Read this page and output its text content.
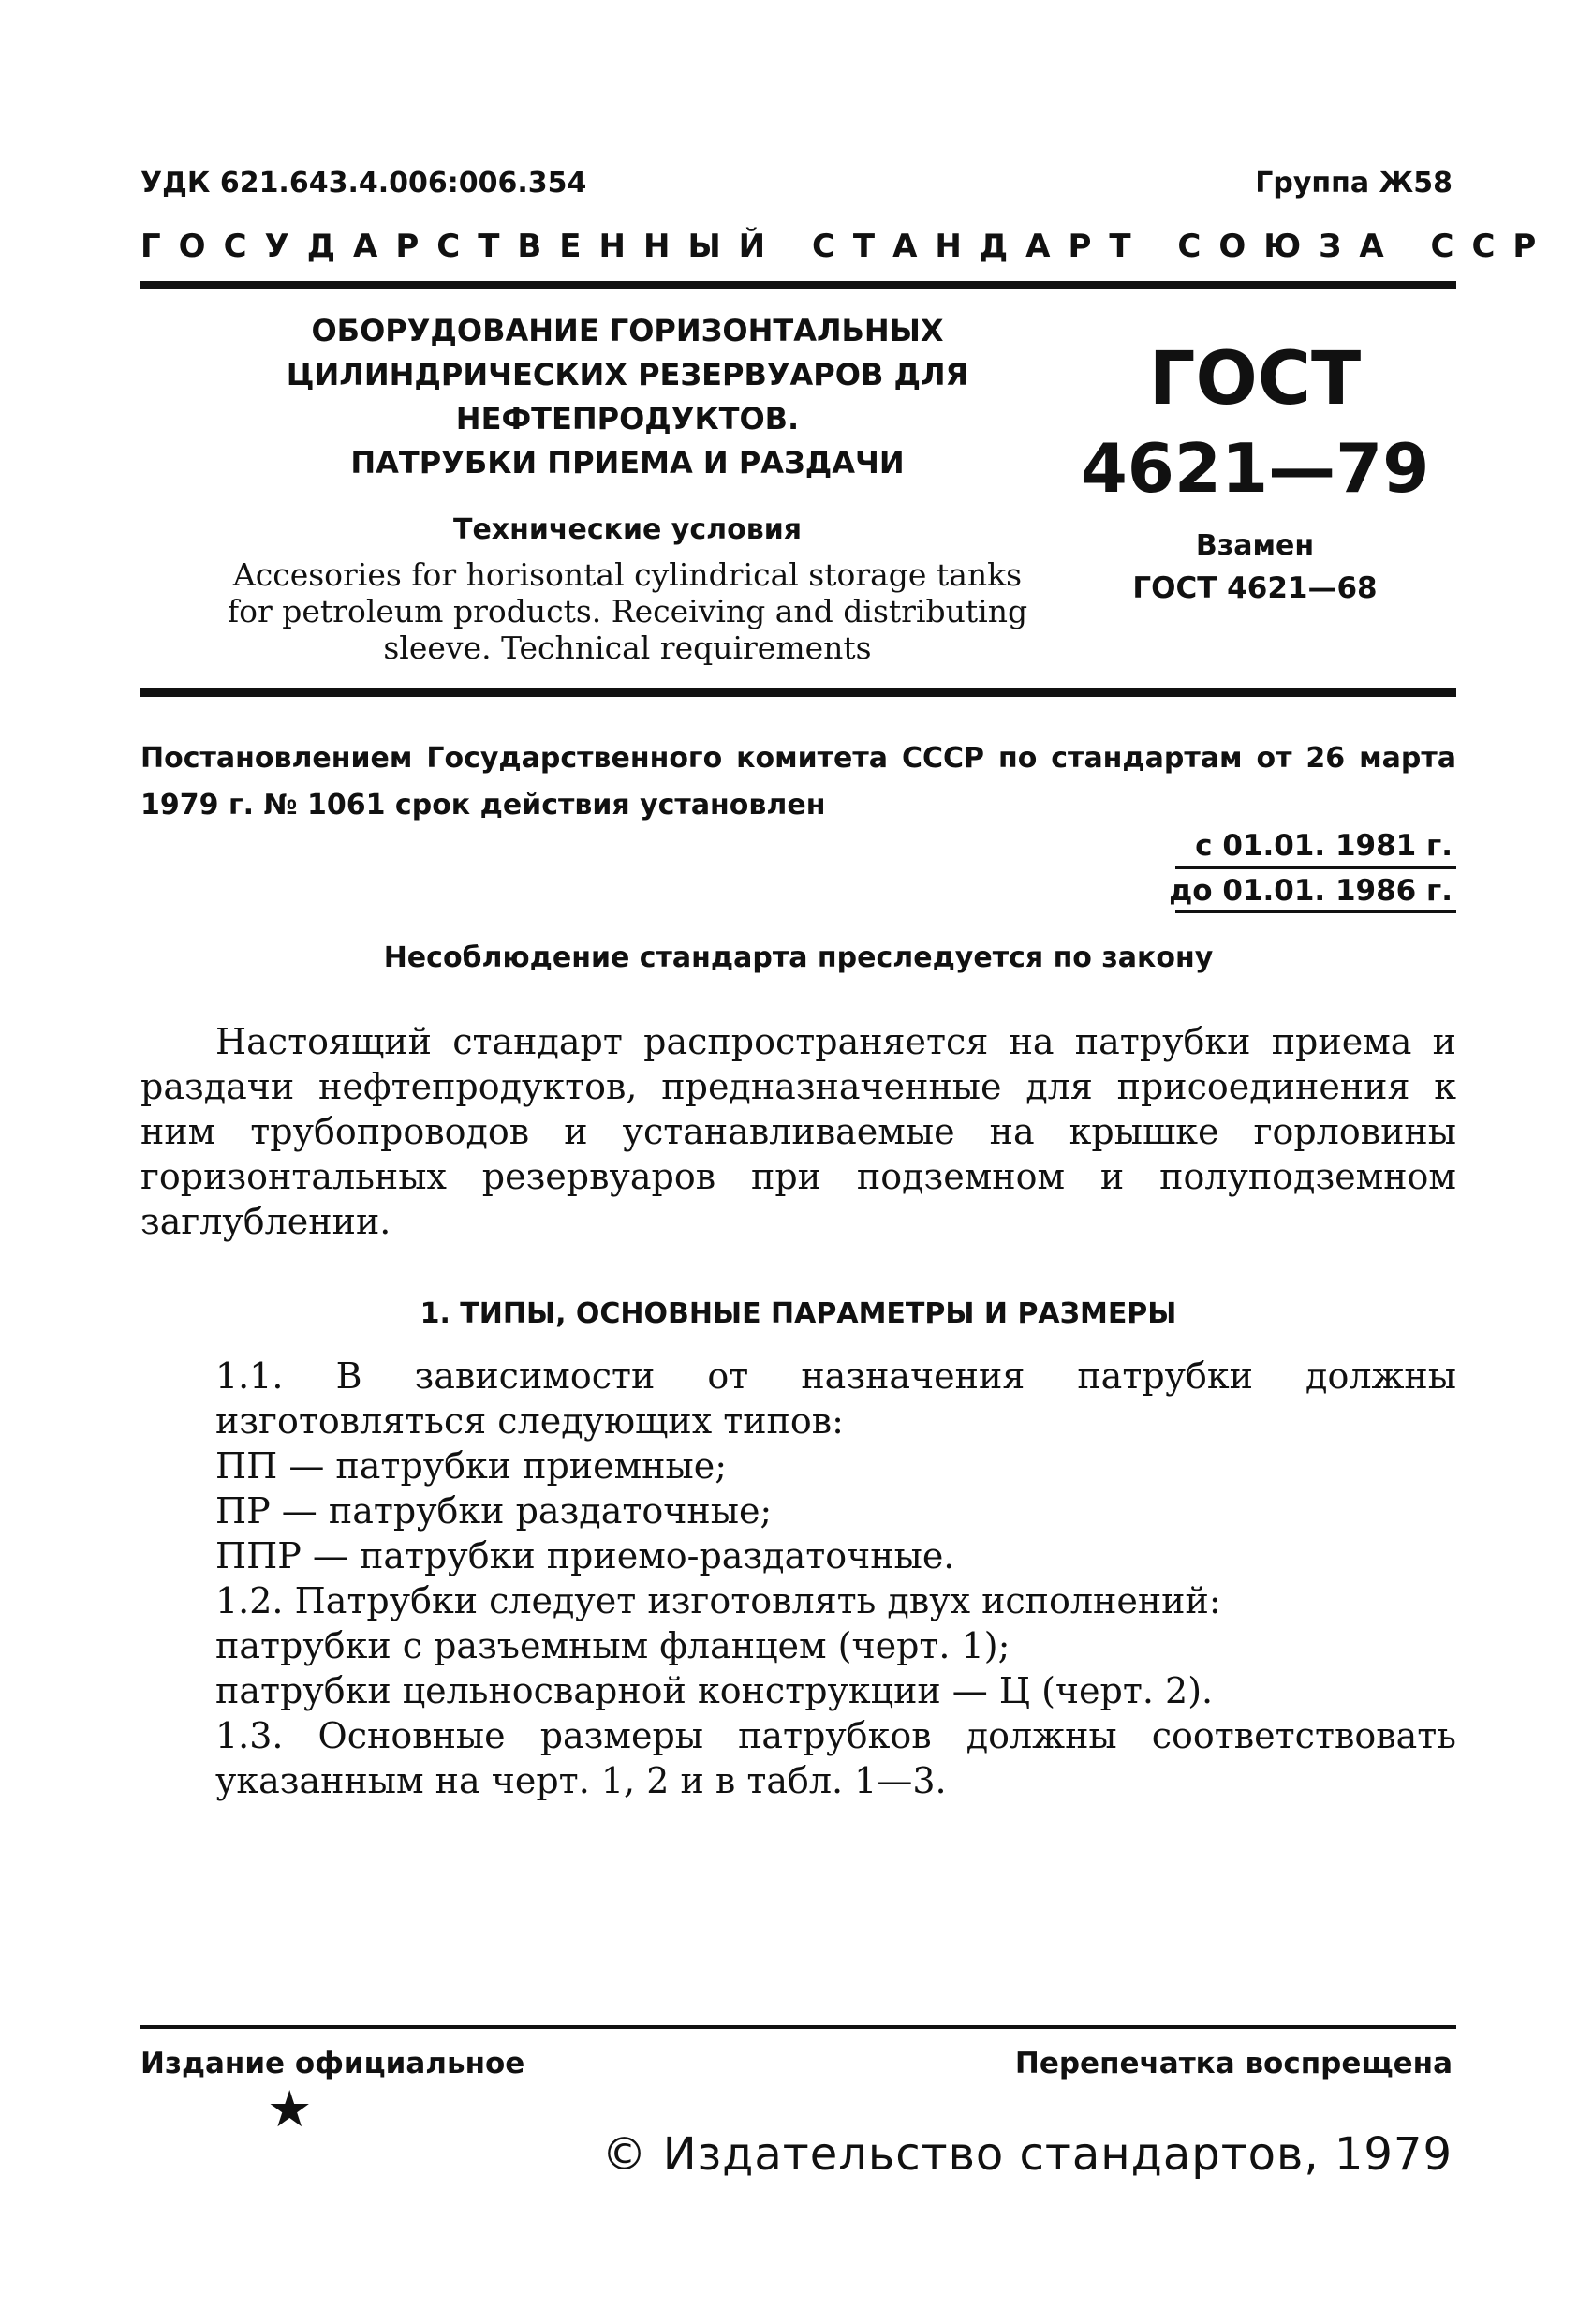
УДК 621.643.4.006:006.354	Группа Ж58
ГОСУДАРСТВЕННЫЙ СТАНДАРТ СОЮЗА ССР
ОБОРУДОВАНИЕ ГОРИЗОНТАЛЬНЫХ
ЦИЛИНДРИЧЕСКИХ РЕЗЕРВУАРОВ ДЛЯ
НЕФТЕПРОДУКТОВ.
ПАТРУБКИ ПРИЕМА И РАЗДАЧИ
Технические условия
Accesories for horisontal cylindrical storage tanks for petroleum products. Receiving and distributing sleeve. Technical requirements
ГОСТ
4621—79
Взамен
ГОСТ 4621—68
Постановлением Государственного комитета СССР по стандартам от 26 марта 1979 г. № 1061 срок действия установлен
с 01.01. 1981 г.
до 01.01. 1986 г.
Несоблюдение стандарта преследуется по закону
Настоящий стандарт распространяется на патрубки приема и раздачи нефтепродуктов, предназначенные для присоединения к ним трубопроводов и устанавливаемые на крышке горловины горизонтальных резервуаров при подземном и полуподземном заглублении.
1. ТИПЫ, ОСНОВНЫЕ ПАРАМЕТРЫ И РАЗМЕРЫ

1.1. В зависимости от назначения патрубки должны изготовляться следующих типов:

ПП — патрубки приемные;

ПР — патрубки раздаточные;

ППР — патрубки приемо-раздаточные.

1.2. Патрубки следует изготовлять двух исполнений:

патрубки с разъемным фланцем (черт. 1);

патрубки цельносварной конструкции — Ц (черт. 2).

1.3. Основные размеры патрубков должны соответствовать указанным на черт. 1, 2 и в табл. 1—3.

Издание официальное	Перепечатка воспрещена
★
© Издательство стандартов, 1979
